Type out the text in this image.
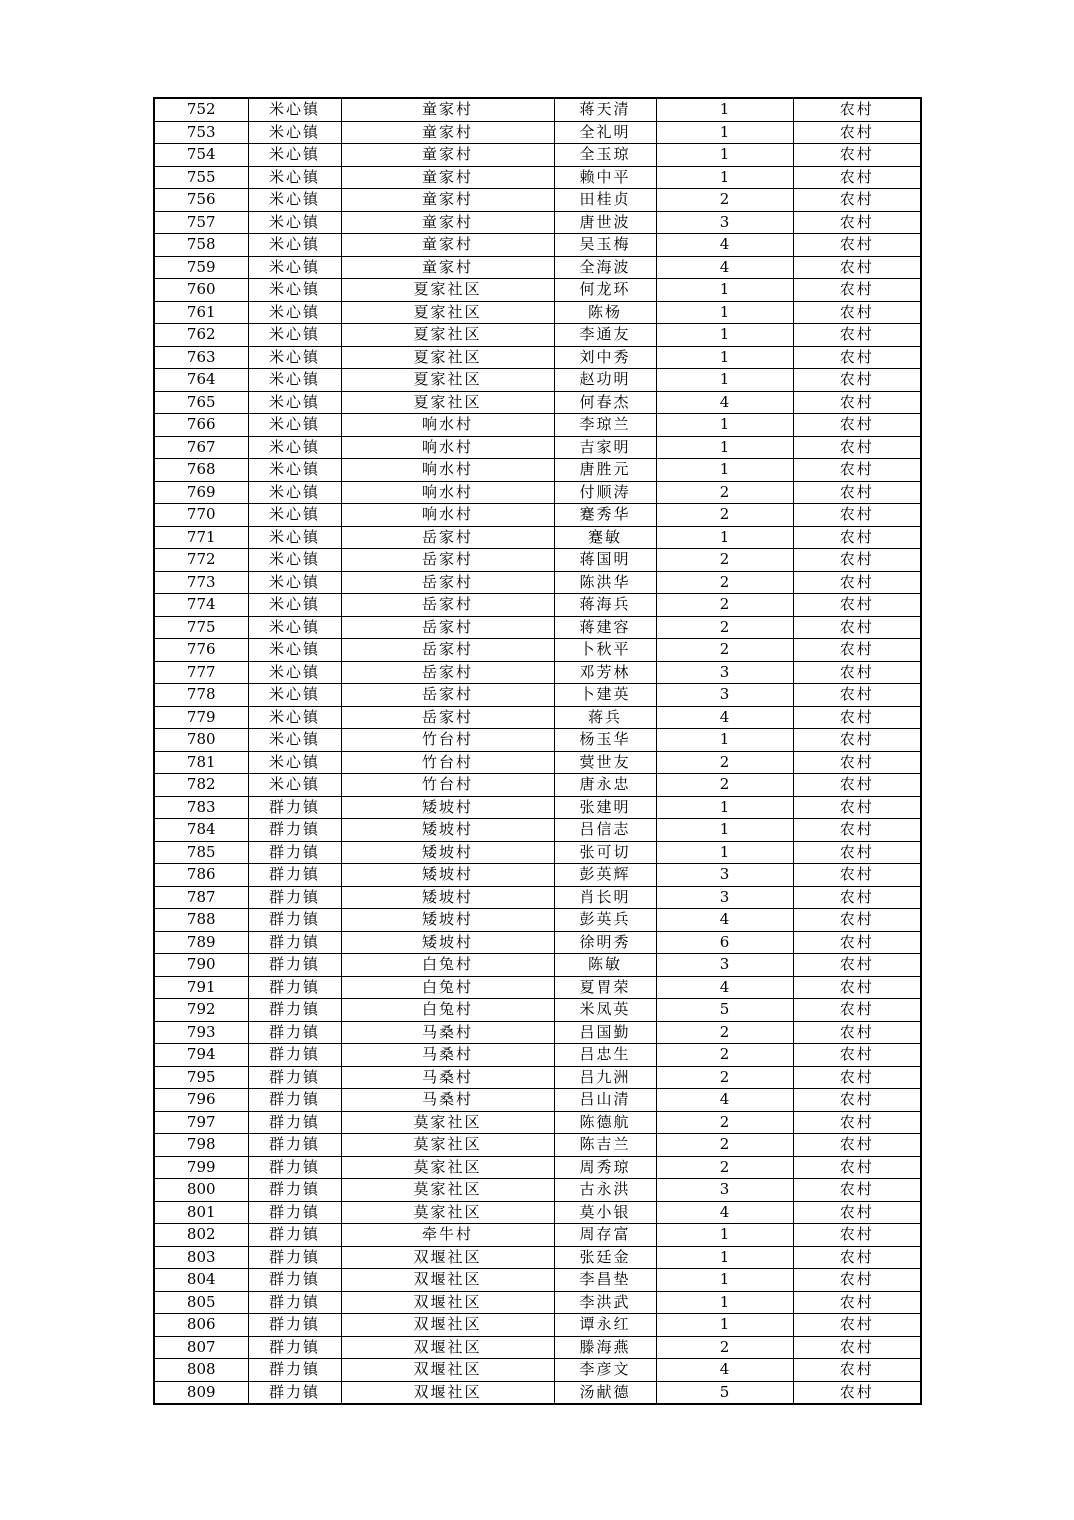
752	米心镇	童家村	蒋天清	1	农村
753	米心镇	童家村	全礼明	1	农村
754	米心镇	童家村	全玉琼	1	农村
755	米心镇	童家村	赖中平	1	农村
756	米心镇	童家村	田桂贞	2	农村
757	米心镇	童家村	唐世波	3	农村
758	米心镇	童家村	吴玉梅	4	农村
759	米心镇	童家村	全海波	4	农村
760	米心镇	夏家社区	何龙环	1	农村
761	米心镇	夏家社区	陈杨	1	农村
762	米心镇	夏家社区	李通友	1	农村
763	米心镇	夏家社区	刘中秀	1	农村
764	米心镇	夏家社区	赵功明	1	农村
765	米心镇	夏家社区	何春杰	4	农村
766	米心镇	响水村	李琼兰	1	农村
767	米心镇	响水村	吉家明	1	农村
768	米心镇	响水村	唐胜元	1	农村
769	米心镇	响水村	付顺涛	2	农村
770	米心镇	响水村	蹇秀华	2	农村
771	米心镇	岳家村	蹇敏	1	农村
772	米心镇	岳家村	蒋国明	2	农村
773	米心镇	岳家村	陈洪华	2	农村
774	米心镇	岳家村	蒋海兵	2	农村
775	米心镇	岳家村	蒋建容	2	农村
776	米心镇	岳家村	卜秋平	2	农村
777	米心镇	岳家村	邓芳林	3	农村
778	米心镇	岳家村	卜建英	3	农村
779	米心镇	岳家村	蒋兵	4	农村
780	米心镇	竹台村	杨玉华	1	农村
781	米心镇	竹台村	蓂世友	2	农村
782	米心镇	竹台村	唐永忠	2	农村
783	群力镇	矮坡村	张建明	1	农村
784	群力镇	矮坡村	吕信志	1	农村
785	群力镇	矮坡村	张可切	1	农村
786	群力镇	矮坡村	彭英辉	3	农村
787	群力镇	矮坡村	肖长明	3	农村
788	群力镇	矮坡村	彭英兵	4	农村
789	群力镇	矮坡村	徐明秀	6	农村
790	群力镇	白兔村	陈敏	3	农村
791	群力镇	白兔村	夏胃荣	4	农村
792	群力镇	白兔村	米凤英	5	农村
793	群力镇	马桑村	吕国勤	2	农村
794	群力镇	马桑村	吕忠生	2	农村
795	群力镇	马桑村	吕九洲	2	农村
796	群力镇	马桑村	吕山清	4	农村
797	群力镇	莫家社区	陈德航	2	农村
798	群力镇	莫家社区	陈吉兰	2	农村
799	群力镇	莫家社区	周秀琼	2	农村
800	群力镇	莫家社区	古永洪	3	农村
801	群力镇	莫家社区	莫小银	4	农村
802	群力镇	牵牛村	周存富	1	农村
803	群力镇	双堰社区	张廷金	1	农村
804	群力镇	双堰社区	李昌垫	1	农村
805	群力镇	双堰社区	李洪武	1	农村
806	群力镇	双堰社区	谭永红	1	农村
807	群力镇	双堰社区	滕海燕	2	农村
808	群力镇	双堰社区	李彦文	4	农村
809	群力镇	双堰社区	汤献德	5	农村
